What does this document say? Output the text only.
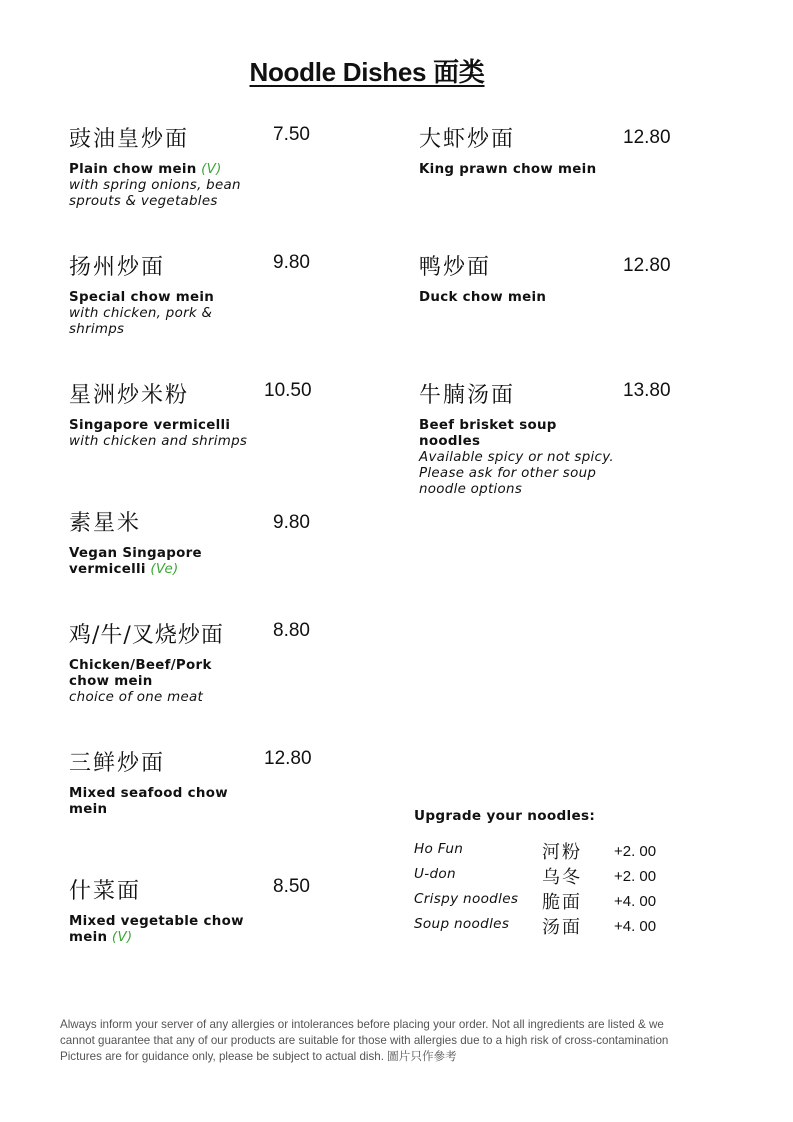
Noodle Dishes 面类
豉油皇炒面	7.50
Plain chow mein (V)
with spring onions, bean sprouts & vegetables
扬州炒面	9.80
Special chow mein
with chicken, pork & shrimps
星洲炒米粉	10.50
Singapore vermicelli
with chicken and shrimps
素星米	9.80
Vegan Singapore vermicelli (Ve)
鸡/牛/叉烧炒面	8.80
Chicken/Beef/Pork chow mein
choice of one meat
三鲜炒面	12.80
Mixed seafood chow mein
什菜面	8.50
Mixed vegetable chow mein (V)
大虾炒面	12.80
King prawn chow mein
鸭炒面	12.80
Duck chow mein
牛腩汤面	13.80
Beef brisket soup noodles
Available spicy or not spicy. Please ask for other soup noodle options
Upgrade your noodles:
Ho Fun	河粉 +2. 00
U-don	乌冬 +2. 00
Crispy noodles 脆面 +4. 00
Soup noodles 汤面 +4. 00
Always inform your server of any allergies or intolerances before placing your order. Not all ingredients are listed & we
cannot guarantee that any of our products are suitable for those with allergies due to a high risk of cross-contamination
Pictures are for guidance only, please be subject to actual dish. 圖片只作參考
